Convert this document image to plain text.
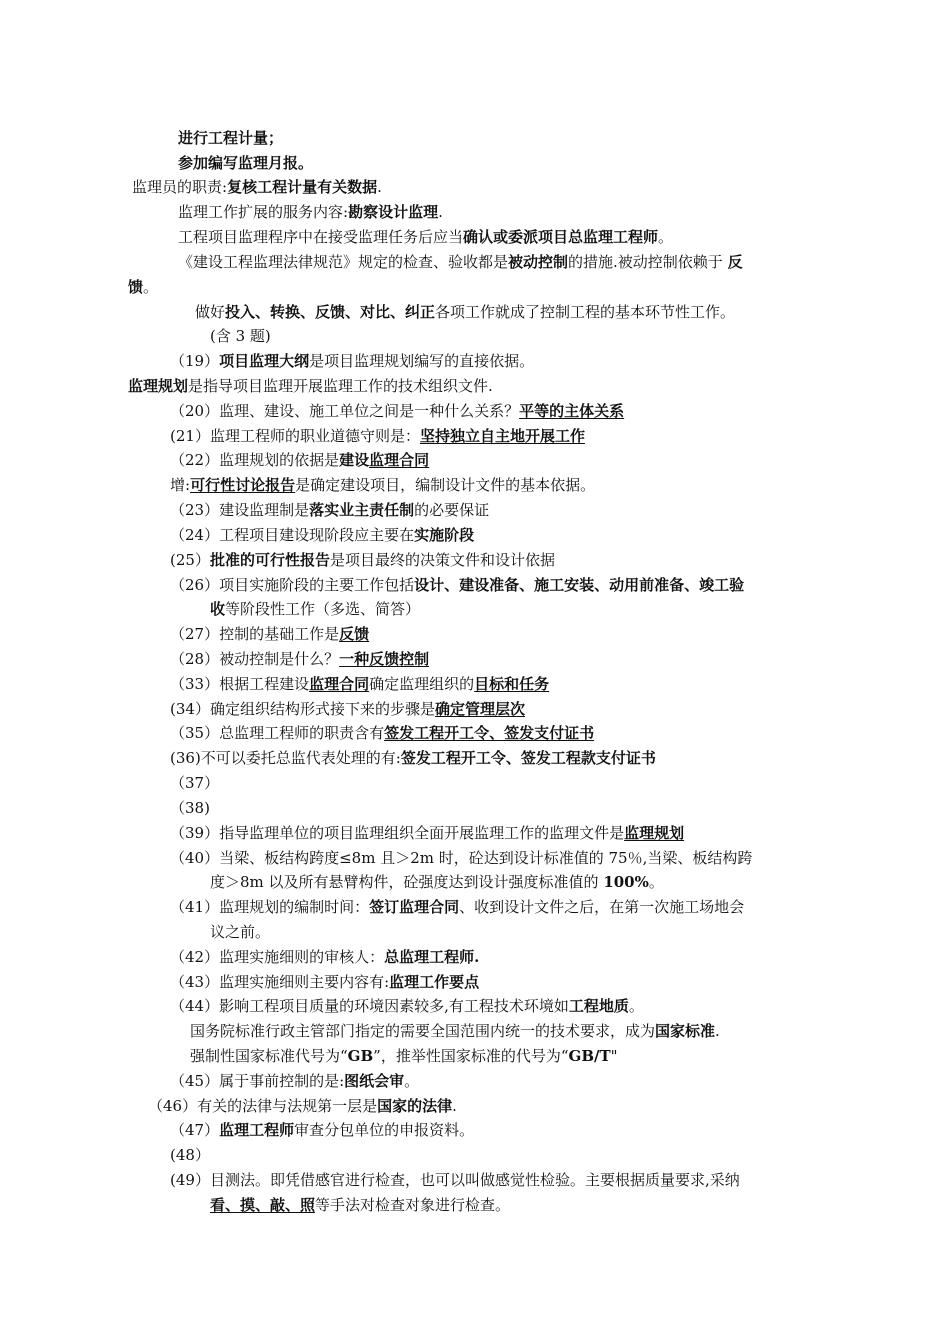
进行工程计量；
参加编写监理月报。
监理员的职责:复核工程计量有关数据.
监理工作扩展的服务内容:勘察设计监理.
工程项目监理程序中在接受监理任务后应当确认或委派项目总监理工程师。
《建设工程监理法律规范》规定的检查、验收都是被动控制的措施.被动控制依赖于 反
馈。
做好投入、转换、反馈、对比、纠正各项工作就成了控制工程的基本环节性工作。
(含 3 题)
（19）项目监理大纲是项目监理规划编写的直接依据。
监理规划是指导项目监理开展监理工作的技术组织文件.
（20）监理、建设、施工单位之间是一种什么关系？平等的主体关系
(21）监理工程师的职业道德守则是：坚持独立自主地开展工作
（22）监理规划的依据是建设监理合同
增:可行性讨论报告是确定建设项目，编制设计文件的基本依据。
（23）建设监理制是落实业主责任制的必要保证
（24）工程项目建设现阶段应主要在实施阶段
(25）批准的可行性报告是项目最终的决策文件和设计依据
（26）项目实施阶段的主要工作包括设计、建设准备、施工安装、动用前准备、竣工验
收等阶段性工作（多选、简答）
（27）控制的基础工作是反馈
（28）被动控制是什么？一种反馈控制
（33）根据工程建设监理合同确定监理组织的目标和任务
(34）确定组织结构形式接下来的步骤是确定管理层次
（35）总监理工程师的职责含有签发工程开工令、签发支付证书
(36)不可以委托总监代表处理的有:签发工程开工令、签发工程款支付证书
（37）
（38)
（39）指导监理单位的项目监理组织全面开展监理工作的监理文件是监理规划
（40）当梁、板结构跨度≤8m 且＞2m 时，砼达到设计标准值的 75％,当梁、板结构跨
度＞8m 以及所有悬臂构件，砼强度达到设计强度标准值的 100%。
（41）监理规划的编制时间：签订监理合同、收到设计文件之后，在第一次施工场地会
议之前。
（42）监理实施细则的审核人：总监理工程师.
（43）监理实施细则主要内容有:监理工作要点
（44）影响工程项目质量的环境因素较多,有工程技术环境如工程地质。
国务院标准行政主管部门指定的需要全国范围内统一的技术要求，成为国家标准.
强制性国家标准代号为“GB”，推举性国家标准的代号为“GB/T"
（45）属于事前控制的是:图纸会审。
（46）有关的法律与法规第一层是国家的法律.
（47）监理工程师审查分包单位的申报资料。
(48）
(49）目测法。即凭借感官进行检查，也可以叫做感觉性检验。主要根据质量要求,采纳
看、摸、敲、照等手法对检查对象进行检查。
